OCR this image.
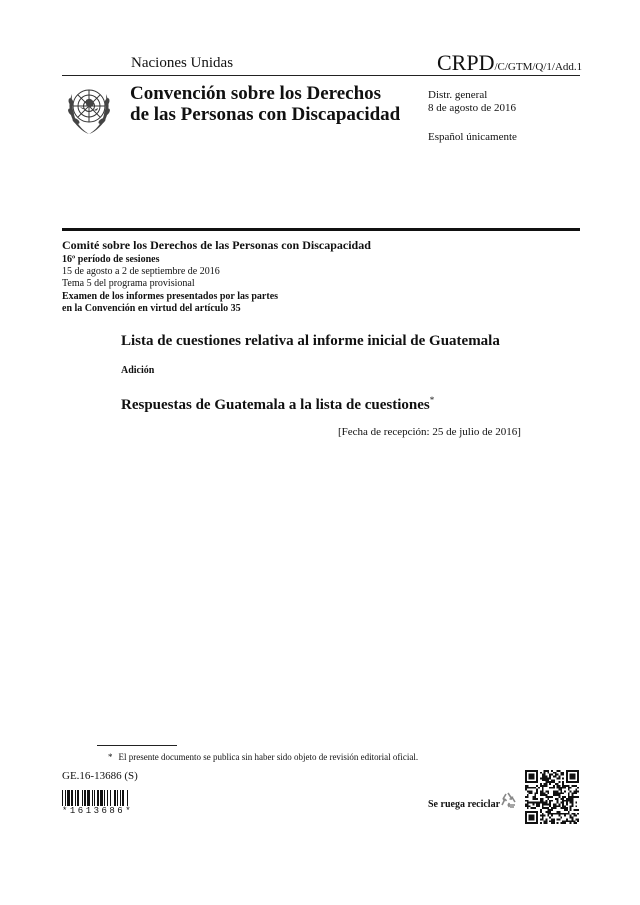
Naciones Unidas	CRPD/C/GTM/Q/1/Add.1
Convención sobre los Derechos
de las Personas con Discapacidad
Distr. general
8 de agosto de 2016
Español únicamente
Comité sobre los Derechos de las Personas con Discapacidad
16º período de sesiones
15 de agosto a 2 de septiembre de 2016
Tema 5 del programa provisional
Examen de los informes presentados por las partes
en la Convención en virtud del artículo 35
Lista de cuestiones relativa al informe inicial de Guatemala
Adición
Respuestas de Guatemala a la lista de cuestiones*
[Fecha de recepción: 25 de julio de 2016]
* El presente documento se publica sin haber sido objeto de revisión editorial oficial.
GE.16-13686 (S)
*1613686*
Se ruega reciclar
